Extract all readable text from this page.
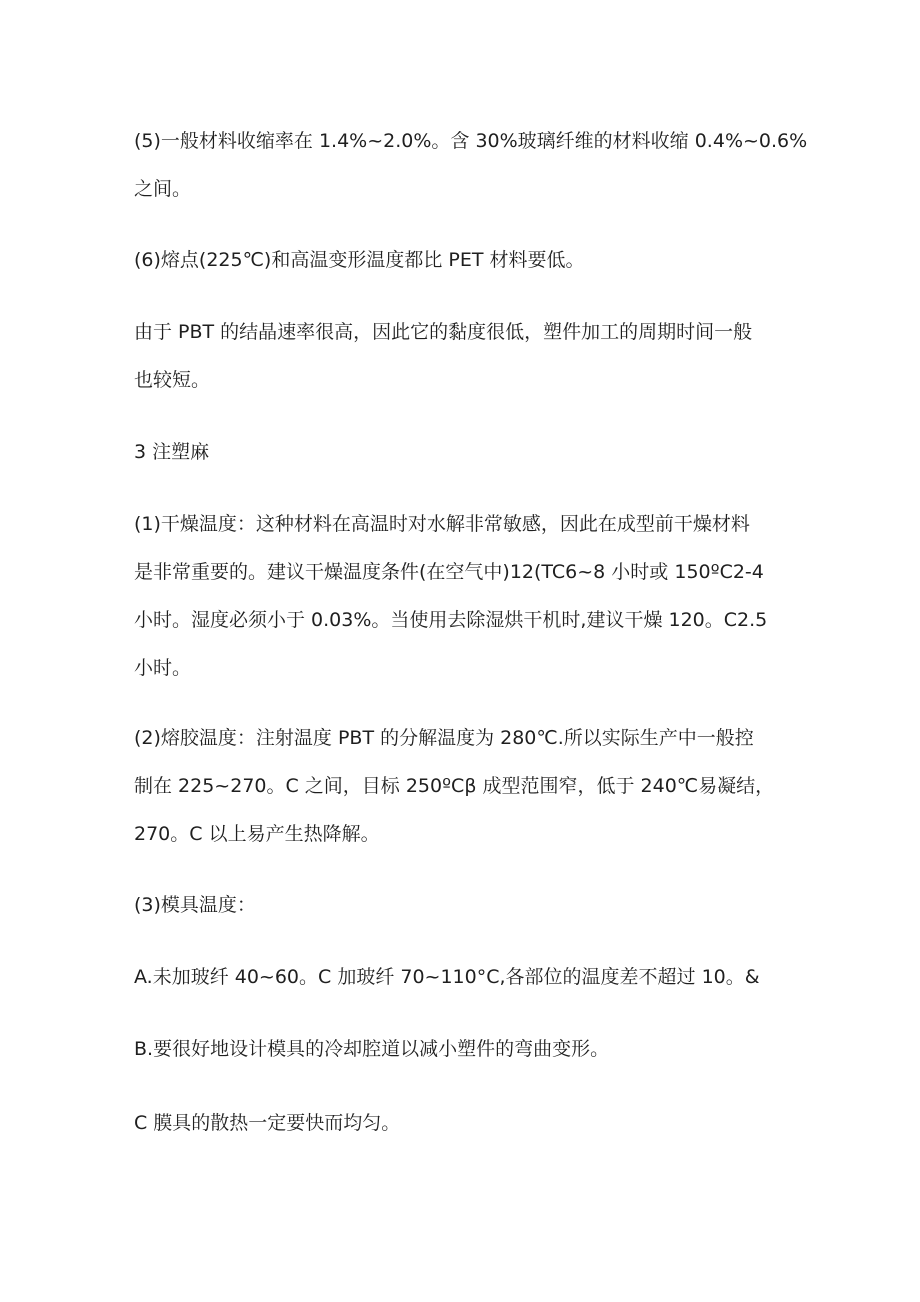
(5)一般材料收缩率在 1.4%~2.0%。含 30%玻璃纤维的材料收缩 0.4%~0.6%
之间。
(6)熔点(225℃)和高温变形温度都比 PET 材料要低。
由于 PBT 的结晶速率很高，因此它的黏度很低，塑件加工的周期时间一般
也较短。
3 注塑麻
(1)干燥温度：这种材料在高温时对水解非常敏感，因此在成型前干燥材料
是非常重要的。建议干燥温度条件(在空气中)12(TC6~8 小时或 150ºC2-4
小时。湿度必须小于 0.03%。当使用去除湿烘干机时,建议干燥 120。C2.5
小时。
(2)熔胶温度：注射温度 PBT 的分解温度为 280℃.所以实际生产中一般控
制在 225~270。C 之间，目标 250ºCβ 成型范围窄，低于 240℃易凝结，
270。C 以上易产生热降解。
(3)模具温度：
A.未加玻纤 40~60。C 加玻纤 70~110°C,各部位的温度差不超过 10。&
B.要很好地设计模具的冷却腔道以减小塑件的弯曲变形。
C 膜具的散热一定要快而均匀。
